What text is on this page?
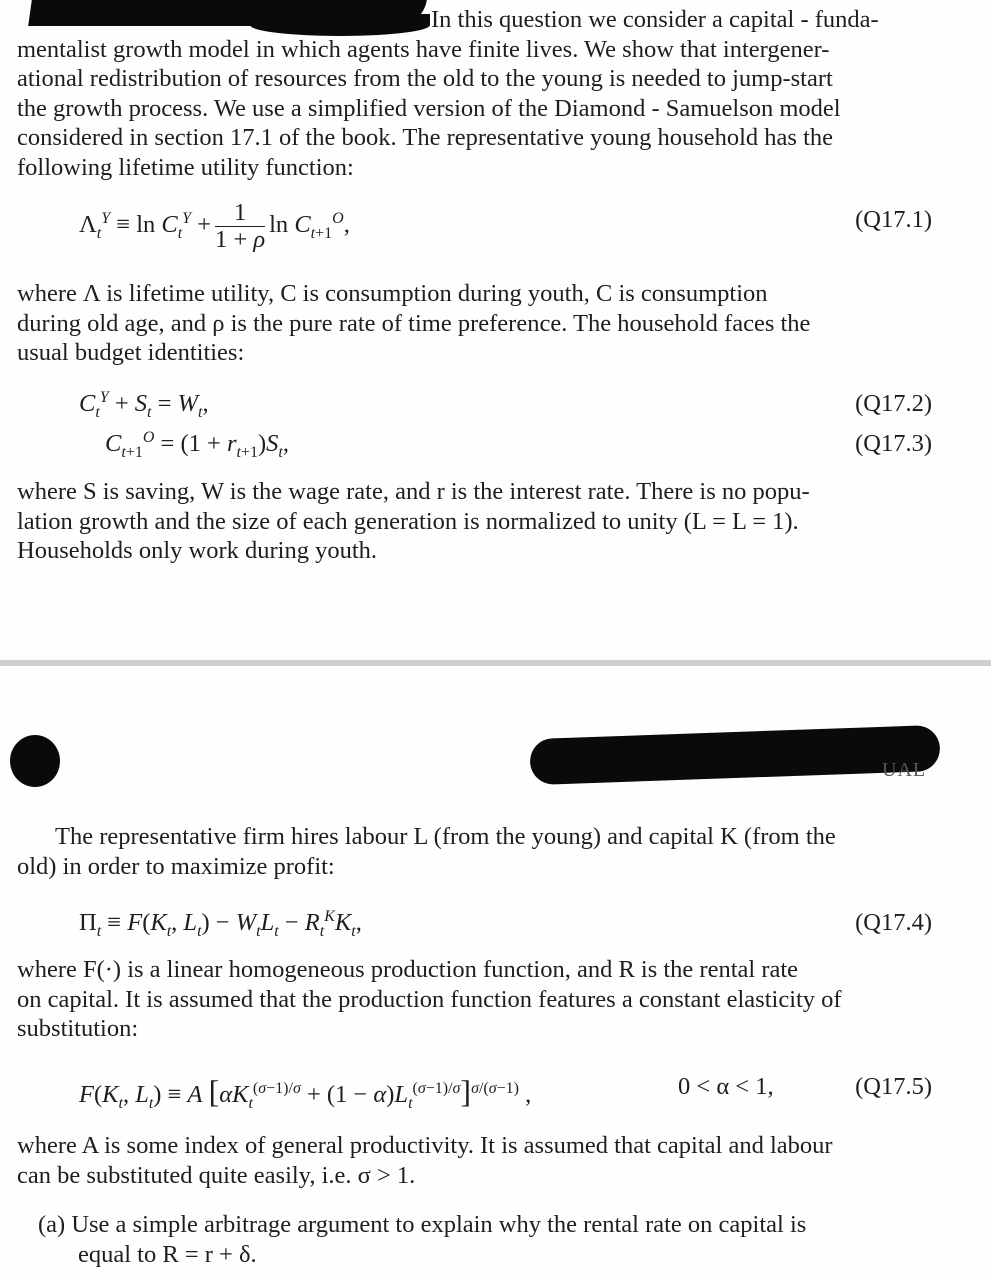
In this question we consider a capital - funda-
mentalist growth model in which agents have finite lives. We show that intergener-
ational redistribution of resources from the old to the young is needed to jump-start
the growth process. We use a simplified version of the Diamond - Samuelson model
considered in section 17.1 of the book. The representative young household has the
following lifetime utility function:
$\Lambda_t^Y \equiv \ln C_t^Y + \frac{1}{1 + \rho}$ $\ln C_{t+1}^O$,	(Q17.1)
where Λ is lifetime utility, C is consumption during youth, C is consumption
during old age, and ρ is the pure rate of time preference. The household faces the
usual budget identities:
$C_t^Y + S_t = W_t$,	(Q17.2)
$C_{t+1}^O = (1 + r_{t+1})S_t$,	(Q17.3)
where S is saving, W is the wage rate, and r is the interest rate. There is no popu-
lation growth and the size of each generation is normalized to unity (L = L = 1).
Households only work during youth.
UAL
The representative firm hires labour L (from the young) and capital K (from the
old) in order to maximize profit:
$\Pi_t \equiv F(K_t$, $L_t) - W_tL_t - R_t^KK_t$,	(Q17.4)
where F(·) is a linear homogeneous production function, and R is the rental rate
on capital. It is assumed that the production function features a constant elasticity of
substitution:
$F(K_t$, $L_t) \equiv A$ $[\alpha K_t^{(\sigma-1)/\sigma} + (1 - \alpha)L_t^{(\sigma-1)/\sigma}]^{\sigma/(\sigma-1)}$ ,	0 < α < 1,	(Q17.5)
where A is some index of general productivity. It is assumed that capital and labour
can be substituted quite easily, i.e. σ > 1.
(a) Use a simple arbitrage argument to explain why the rental rate on capital is
equal to R = r + δ.
